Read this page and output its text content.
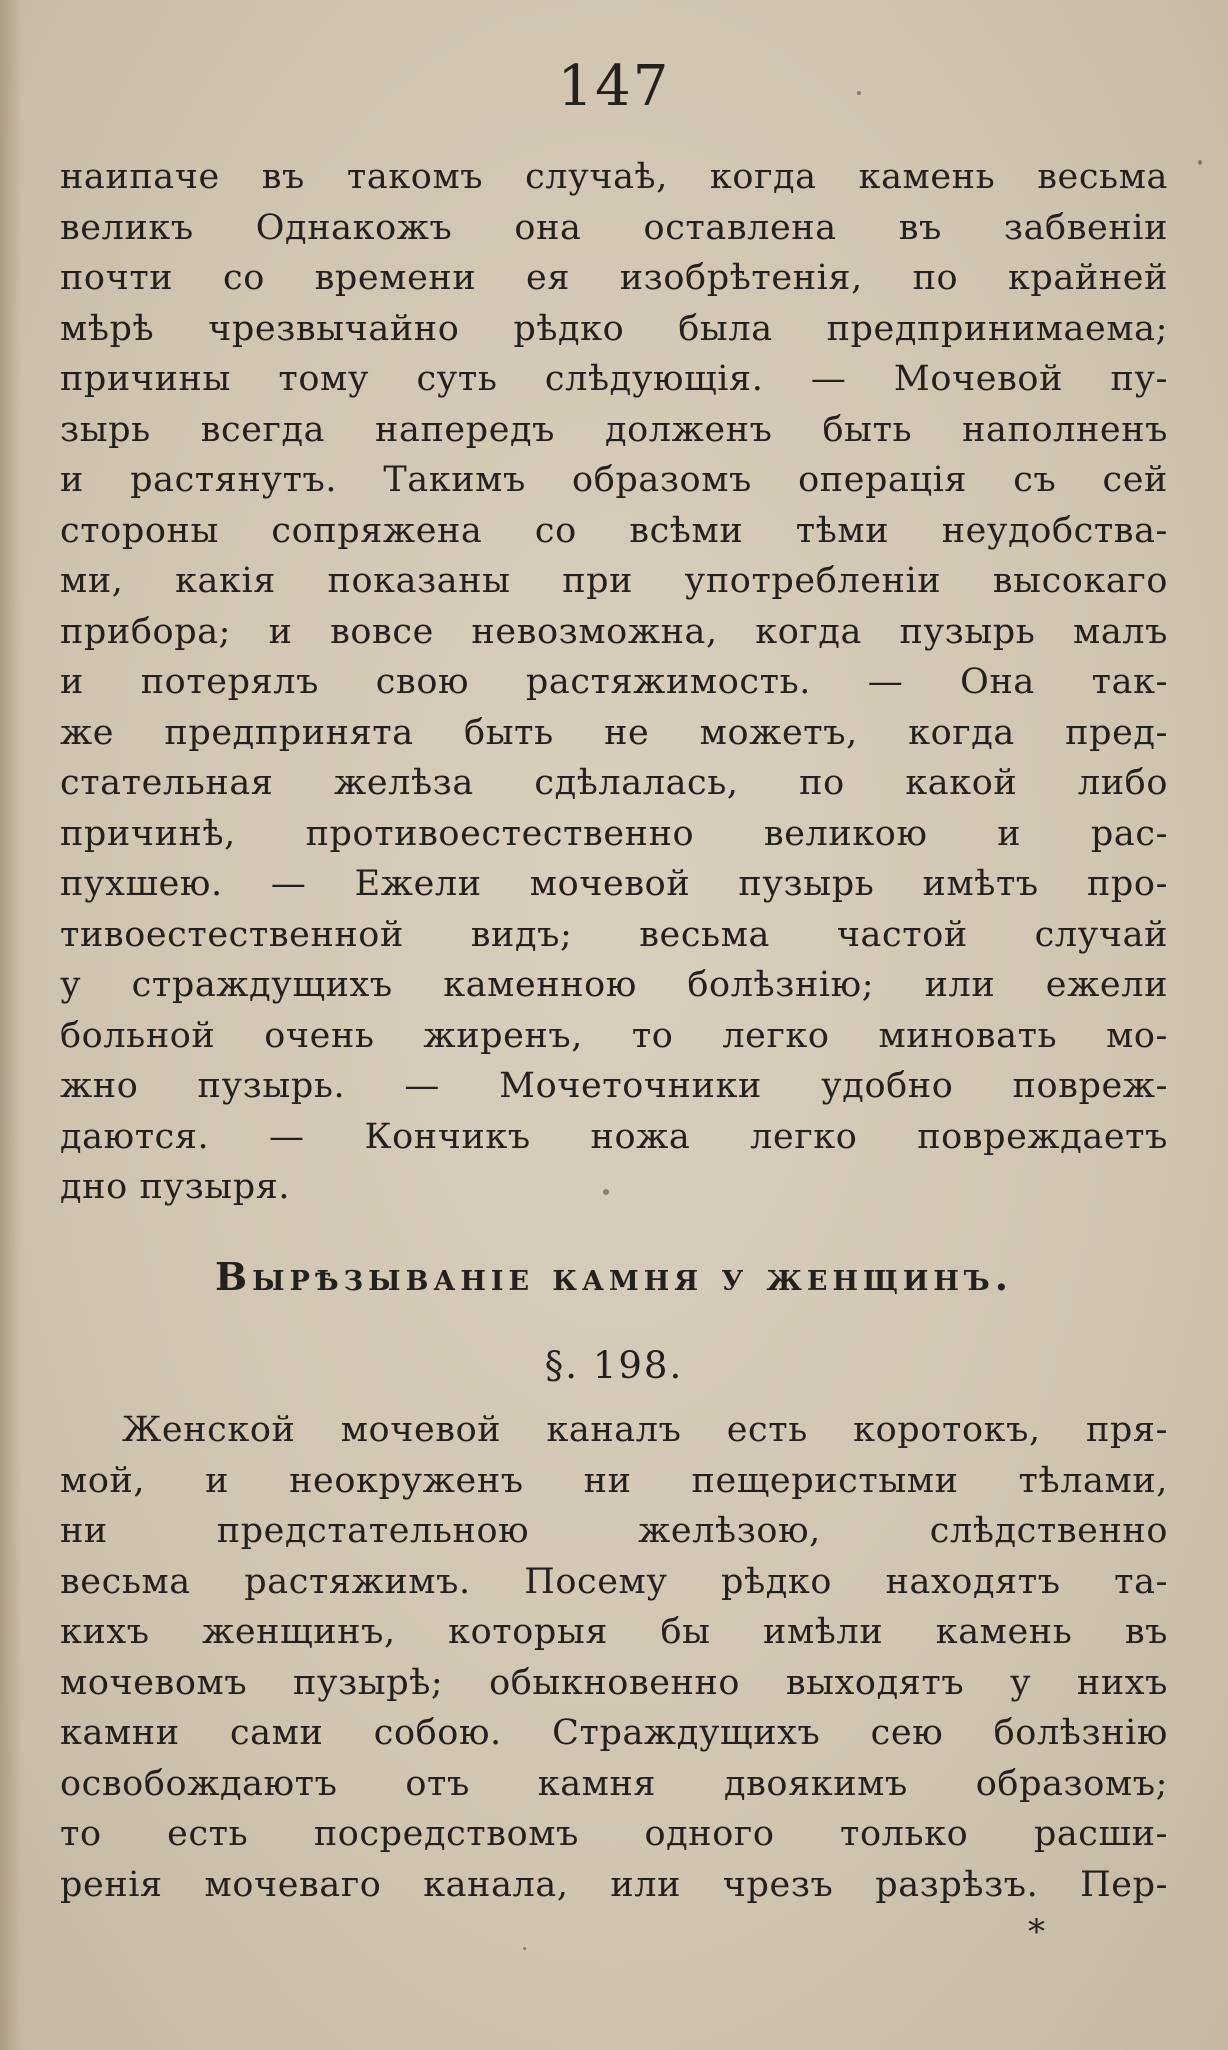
147
наипаче въ такомъ случаѣ, когда камень весьма
великъ Однакожъ она оставлена въ забвеніи
почти со времени ея изобрѣтенія, по крайней
мѣрѣ чрезвычайно рѣдко была предпринимаема;
причины тому суть слѣдующія. — Мочевой пу-
зырь всегда напередъ долженъ быть наполненъ
и растянутъ. Такимъ образомъ операція съ сей
стороны сопряжена со всѣми тѣми неудобства-
ми, какія показаны при употребленіи высокаго
прибора; и вовсе невозможна, когда пузырь малъ
и потерялъ свою растяжимость. — Она так-
же предпринята быть не можетъ, когда пред-
стательная желѣза сдѣлалась, по какой либо
причинѣ, противоестественно великою и рас-
пухшею. — Ежели мочевой пузырь имѣтъ про-
тивоестественной видъ; весьма частой случай
у страждущихъ каменною болѣзнію; или ежели
больной очень жиренъ, то легко миновать мо-
жно пузырь. — Мочеточники удобно повреж-
даются. — Кончикъ ножа легко повреждаетъ
дно пузыря.
Вырѣзываніе камня у женщинъ.
§. 198.
Женской мочевой каналъ есть коротокъ, пря-
мой, и неокруженъ ни пещеристыми тѣлами,
ни предстательною желѣзою, слѣдственно
весьма растяжимъ. Посему рѣдко находятъ та-
кихъ женщинъ, которыя бы имѣли камень въ
мочевомъ пузырѣ; обыкновенно выходятъ у нихъ
камни сами собою. Страждущихъ сею болѣзнію
освобождаютъ отъ камня двоякимъ образомъ;
то есть посредствомъ одного только расши-
ренія мочеваго канала, или чрезъ разрѣзъ. Пер-
*
